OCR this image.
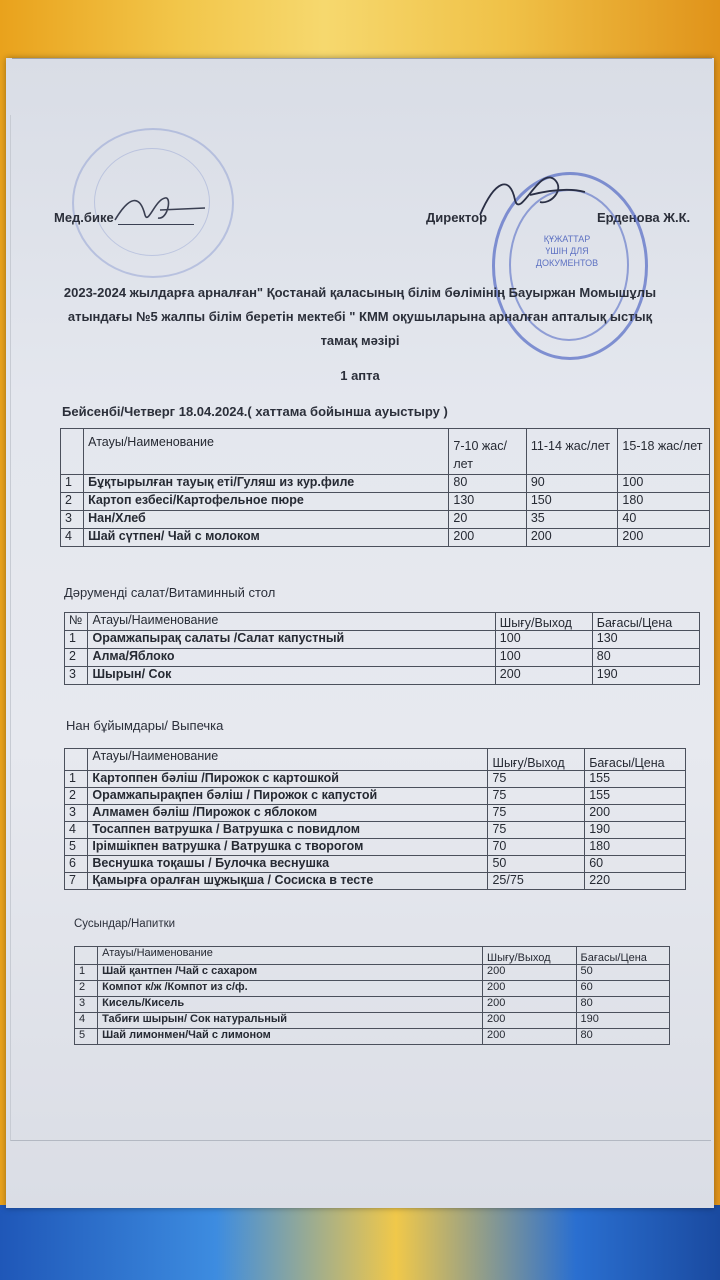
Мед.бике	Директор	Ерденова Ж.К.
ҚҰЖАТТАР ҮШІН ДЛЯ ДОКУМЕНТОВ
2023-2024 жылдарға арналған" Қостанай қаласының білім бөлімінің Бауыржан Момышұлы
атындағы №5 жалпы білім беретін мектебі " КММ оқушыларына арналған апталық ыстық
тамақ мәзірі
1 апта
Бейсенбі/Четверг 18.04.2024.( хаттама бойынша ауыстыру )
	Атауы/Наименование	7-10 жас/лет	11-14 жас/лет	15-18 жас/лет
1	Бұқтырылған тауық еті/Гуляш из кур.филе	80	90	100
2	Картоп езбесі/Картофельное пюре	130	150	180
3	Нан/Хлеб	20	35	40
4	Шай сүтпен/ Чай с молоком	200	200	200
Дәрумендi салат/Витаминный стол
№	Атауы/Наименование	Шығу/Выход	Бағасы/Цена
1	Орамжапырақ салаты /Салат капустный	100	130
2	Алма/Яблоко	100	80
3	Шырын/ Сок	200	190
Нан бұйымдары/ Выпечка
	Атауы/Наименование	Шығу/Выход	Бағасы/Цена
1	Картоппен бәліш /Пирожок с картошкой	75	155
2	Орамжапырақпен бәліш / Пирожок с капустой	75	155
3	Алмамен бәліш /Пирожок с яблоком	75	200
4	Тосаппен ватрушка / Ватрушка с повидлом	75	190
5	Ірімшікпен ватрушка / Ватрушка с творогом	70	180
6	Веснушка тоқашы / Булочка веснушка	50	60
7	Қамырға оралған шұжықша / Сосиска в тесте	25/75	220
Сусындар/Напитки
	Атауы/Наименование	Шығу/Выход	Бағасы/Цена
1	Шай қантпен /Чай с сахаром	200	50
2	Компот к/ж /Компот из с/ф.	200	60
3	Кисель/Кисель	200	80
4	Табиғи шырын/ Сок натуральный	200	190
5	Шай лимонмен/Чай с лимоном	200	80
